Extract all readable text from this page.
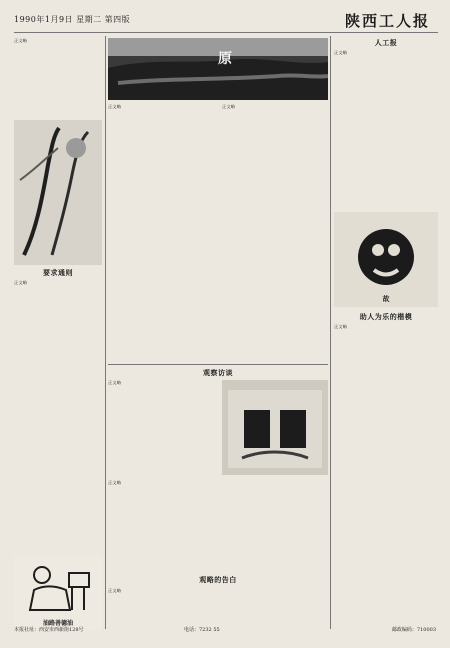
1990年1月9日 星期二 第四版	陕西工人报
正文略
要求通则
正文略
油路善德油
原
正文略	正文略
观察访谈
正文略
正文略
观略的告白
正文略
人工报
正文略
故
助人为乐的楷模
正文略
本报社址：西安市西新街128号	电话：7232 55	邮政编码：710003
